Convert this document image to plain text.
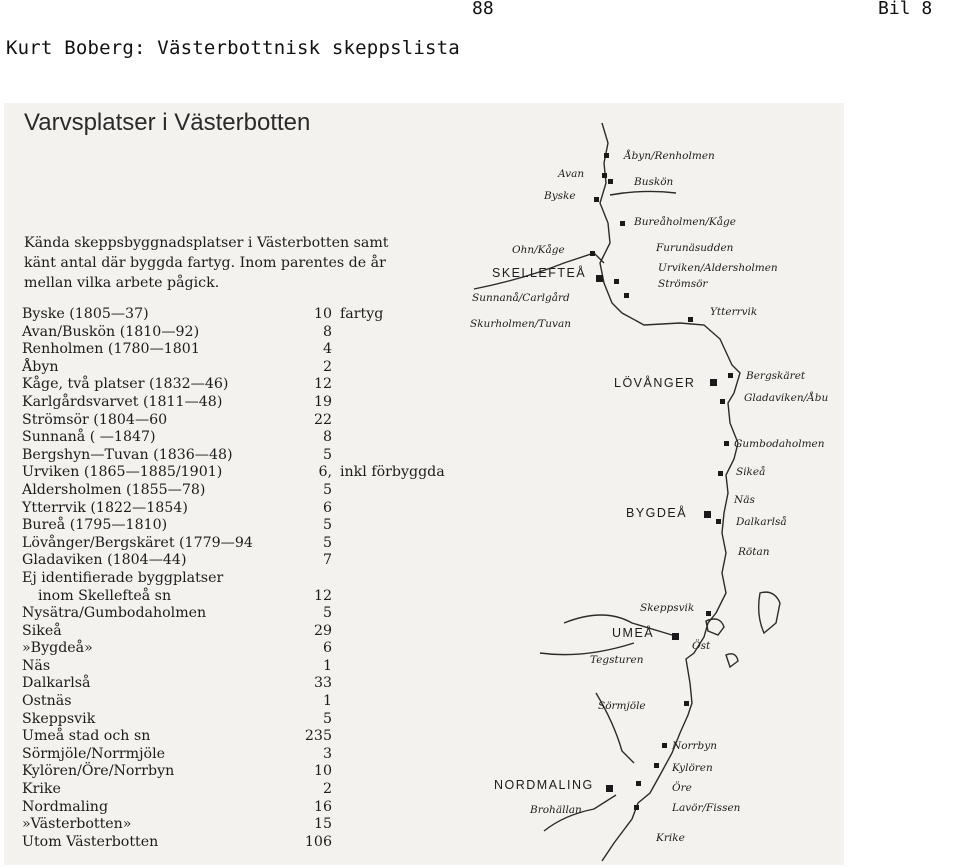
88	Bil 8
Kurt Boberg: Västerbottnisk skeppslista
Varvsplatser i Västerbotten
Kända skeppsbyggnadsplatser i Västerbotten samt känt antal där byggda fartyg. Inom parentes de år mellan vilka arbete pågick.
Byske (1805—37)	10 fartyg
Avan/Buskön (1810—92)	8
Renholmen (1780—1801	4
Åbyn	2
Kåge, två platser (1832—46)	12
Karlgårdsvarvet (1811—48)	19
Strömsör (1804—60	22
Sunnanå ( —1847)	8
Bergshyn—Tuvan (1836—48)	5
Urviken (1865—1885/1901)	6, inkl förbyggda
Aldersholmen (1855—78)	5
Ytterrvik (1822—1854)	6
Bureå (1795—1810)	5
Lövånger/Bergskäret (1779—94	5
Gladaviken (1804—44)	7
Ej identifierade byggplatser
inom Skellefteå sn	12
Nysätra/Gumbodaholmen	5
Sikeå	29
»Bygdeå»	6
Näs	1
Dalkarlså	33
Ostnäs	1
Skeppsvik	5
Umeå stad och sn	235
Sörmjöle/Norrmjöle	3
Kylören/Öre/Norrbyn	10
Krike	2
Nordmaling	16
»Västerbotten»	15
Utom Västerbotten	106
Åbyn/Renholmen
Avan
Buskön
Byske
Bureåholmen/Kåge
Ohn/Kåge	Furunäsudden
SKELLEFTEÅ	Urviken/Aldersholmen
Strömsör
Sunnanå/Carlgård
Ytterrvik
Skurholmen/Tuvan
LÖVÅNGER	Bergskäret
Gladaviken/Åbu
Gumbodaholmen
Sikeå
Näs
BYGDEÅ
Dalkarlså
Rötan
Skeppsvik
UMEÅ
Öst
Tegsturen
Sörmjöle
Norrbyn
Kylören
NORDMALING	Öre
Brohällan	Lavör/Fissen
Krike
